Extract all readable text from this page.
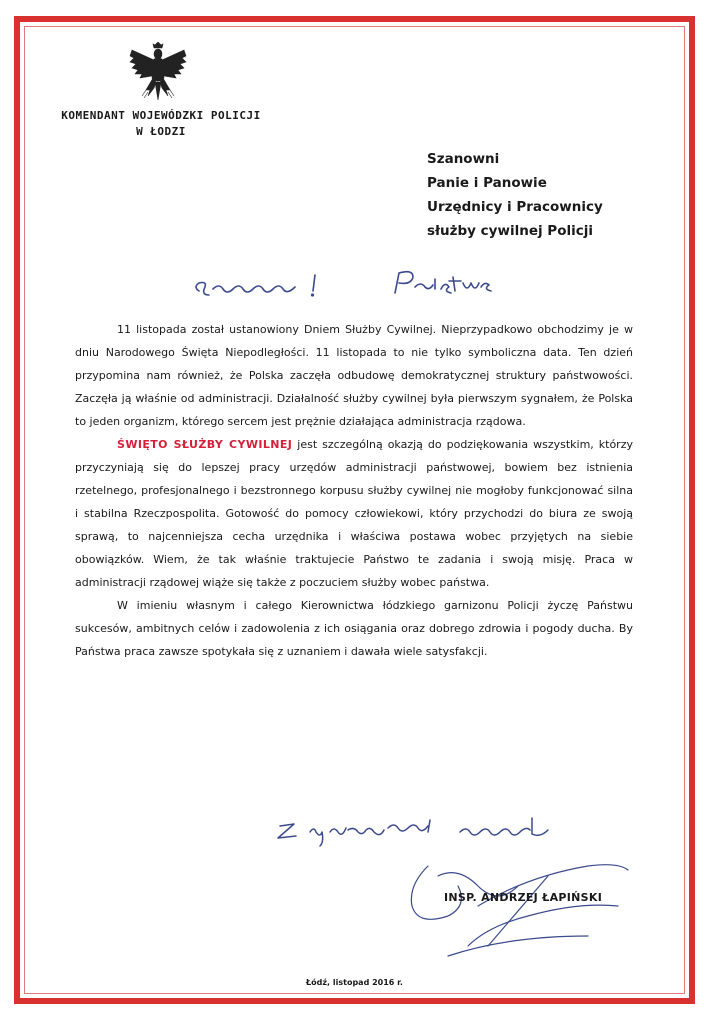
KOMENDANT WOJEWÓDZKI POLICJI
W ŁODZI
Szanowni
Panie i Panowie
Urzędnicy i Pracownicy
służby cywilnej Policji

11 listopada został ustanowiony Dniem Służby Cywilnej. Nieprzypadkowo obchodzimy je w dniu Narodowego Święta Niepodległości. 11 listopada to nie tylko symboliczna data. Ten dzień przypomina nam również, że Polska zaczęła odbudowę demokratycznej struktury państwowości. Zaczęła ją właśnie od administracji. Działalność służby cywilnej była pierwszym sygnałem, że Polska to jeden organizm, którego sercem jest prężnie działająca administracja rządowa.

ŚWIĘTO SŁUŻBY CYWILNEJ jest szczególną okazją do podziękowania wszystkim, którzy przyczyniają się do lepszej pracy urzędów administracji państwowej, bowiem bez istnienia rzetelnego, profesjonalnego i bezstronnego korpusu służby cywilnej nie mogłoby funkcjonować silna i stabilna Rzeczpospolita. Gotowość do pomocy człowiekowi, który przychodzi do biura ze swoją sprawą, to najcenniejsza cecha urzędnika i właściwa postawa wobec przyjętych na siebie obowiązków. Wiem, że tak właśnie traktujecie Państwo te zadania i swoją misję. Praca w administracji rządowej wiąże się także z poczuciem służby wobec państwa.

W imieniu własnym i całego Kierownictwa łódzkiego garnizonu Policji życzę Państwu sukcesów, ambitnych celów i zadowolenia z ich osiągania oraz dobrego zdrowia i pogody ducha. By Państwa praca zawsze spotykała się z uznaniem i dawała wiele satysfakcji.

INSP. ANDRZEJ ŁAPIŃSKI
Łódź, listopad 2016 r.
